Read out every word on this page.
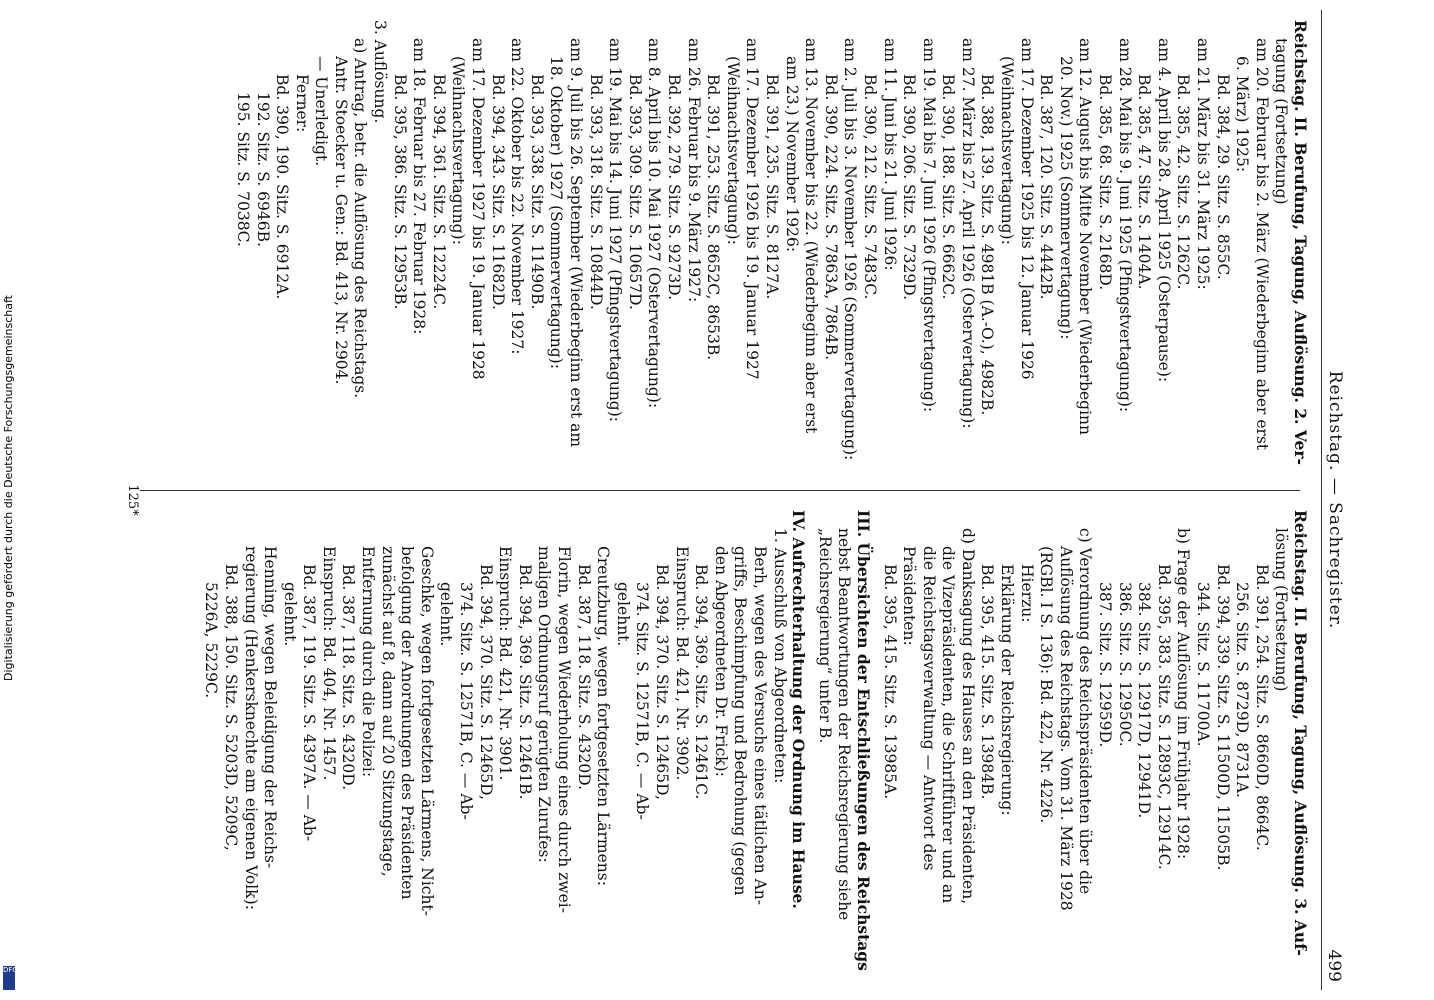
Digitalisierung gefördert durch die Deutsche Forschungsgemeinschaft
DFG
Reichstag. — Sachregister.
499
Reichstag. II. Berufung, Tagung, Auflösung. 2. Ver-
tagung (Fortsetzung)
am 20. Februar bis 2. März (Wiederbeginn aber erst
6. März) 1925:
Bd. 384, 29. Sitz. S. 855C.
am 21. März bis 31. März 1925:
Bd. 385, 42. Sitz. S. 1262C.
am 4. April bis 28. April 1925 (Osterpause):
Bd. 385, 47. Sitz. S. 1404A.
am 28. Mai bis 9. Juni 1925 (Pfingstvertagung):
Bd. 385, 68. Sitz. S. 2168D.
am 12. August bis Mitte November (Wiederbeginn
20. Nov.) 1925 (Sommervertagung):
Bd. 387, 120. Sitz. S. 4442B.
am 17. Dezember 1925 bis 12. Januar 1926
(Weihnachtsvertagung):
Bd. 388, 139. Sitz. S. 4981B (A.-O.), 4982B.
am 27. März bis 27. April 1926 (Ostervertagung):
Bd. 390, 188. Sitz. S. 6662C.
am 19. Mai bis 7. Juni 1926 (Pfingstvertagung):
Bd. 390, 206. Sitz. S. 7329D.
am 11. Juni bis 21. Juni 1926:
Bd. 390, 212. Sitz. S. 7483C.
am 2. Juli bis 3. November 1926 (Sommervertagung):
Bd. 390, 224. Sitz. S. 7863A, 7864B.
am 13. November bis 22. (Wiederbeginn aber erst
am 23.) November 1926:
Bd. 391, 235. Sitz. S. 8127A.
am 17. Dezember 1926 bis 19. Januar 1927
(Weihnachtsvertagung):
Bd. 391, 253. Sitz. S. 8652C, 8653B.
am 26. Februar bis 9. März 1927:
Bd. 392, 279. Sitz. S. 9273D.
am 8. April bis 10. Mai 1927 (Ostervertagung):
Bd. 393, 309. Sitz. S. 10657D.
am 19. Mai bis 14. Juni 1927 (Pfingstvertagung):
Bd. 393, 318. Sitz. S. 10844D.
am 9. Juli bis 26. September (Wiederbeginn erst am
18. Oktober) 1927 (Sommervertagung):
Bd. 393, 338. Sitz. S. 11490B.
am 22. Oktober bis 22. November 1927:
Bd. 394, 343. Sitz. S. 11682D.
am 17. Dezember 1927 bis 19. Januar 1928
(Weihnachtsvertagung):
Bd. 394, 361. Sitz. S. 12224C.
am 18. Februar bis 27. Februar 1928:
Bd. 395, 386. Sitz. S. 12953B.
3. Auflösung.
a) Antrag, betr. die Auflösung des Reichstags.
Antr. Stoecker u. Gen.: Bd. 413, Nr. 2904.
— Unerledigt.
Ferner:
Bd. 390, 190. Sitz. S. 6912A.
192. Sitz. S. 6946B.
195. Sitz. S. 7038C.
Reichstag. II. Berufung, Tagung, Auflösung. 3. Auf-
lösung (Fortsetzung)
Bd. 391, 254. Sitz. S. 8660D, 8664C.
256. Sitz. S. 8729D, 8731A.
Bd. 394, 339. Sitz. S. 11500D, 11505B.
344. Sitz. S. 11700A.
b) Frage der Auflösung im Frühjahr 1928:
Bd. 395, 383. Sitz. S. 12893C, 12914C.
384. Sitz. S. 12917D, 12941D.
386. Sitz. S. 12950C.
387. Sitz. S. 12959D.
c) Verordnung des Reichspräsidenten über die
Auflösung des Reichstags. Vom 31. März 1928
(RGBl. I S. 136): Bd. 422, Nr. 4226.
Hierzu:
Erklärung der Reichsregierung:
Bd. 395, 415. Sitz. S. 13984B.
d) Danksagung des Hauses an den Präsidenten,
die Vizepräsidenten, die Schriftführer und an
die Reichstagsverwaltung — Antwort des
Präsidenten:
Bd. 395, 415. Sitz. S. 13985A.
III. Übersichten der Entschließungen des Reichstags
nebst Beantwortungen der Reichsregierung siehe
„Reichsregierung“ unter B.
IV. Aufrechterhaltung der Ordnung im Hause.
1. Ausschluß von Abgeordneten:
Berh, wegen des Versuchs eines tätlichen An-
griffs, Beschimpfung und Bedrohung (gegen
den Abgeordneten Dr. Frick):
Bd. 394, 369. Sitz. S. 12461C.
Einspruch: Bd. 421, Nr. 3902.
Bd. 394, 370. Sitz. S. 12465D,
374. Sitz. S. 12571B, C. — Ab-
gelehnt.
Creutzburg, wegen fortgesetzten Lärmens:
Bd. 387, 118. Sitz. S. 4320D.
Florin, wegen Wiederholung eines durch zwei-
maligen Ordnungsruf gerügten Zurufes:
Bd. 394, 369. Sitz. S. 12461B.
Einspruch: Bd. 421, Nr. 3901.
Bd. 394, 370. Sitz. S. 12465D,
374. Sitz. S. 12571B, C. — Ab-
gelehnt.
Geschke, wegen fortgesetzten Lärmens, Nicht-
befolgung der Anordnungen des Präsidenten
zunächst auf 8, dann auf 20 Sitzungstage,
Entfernung durch die Polizei:
Bd. 387, 118. Sitz. S. 4320D.
Einspruch: Bd. 404, Nr. 1457.
Bd. 387, 119. Sitz. S. 4397A. — Ab-
gelehnt.
Henning, wegen Beleidigung der Reichs-
regierung (Henkersknechte am eigenen Volk):
Bd. 388, 150. Sitz. S. 5203D, 5209C,
5226A, 5229C.
125*
